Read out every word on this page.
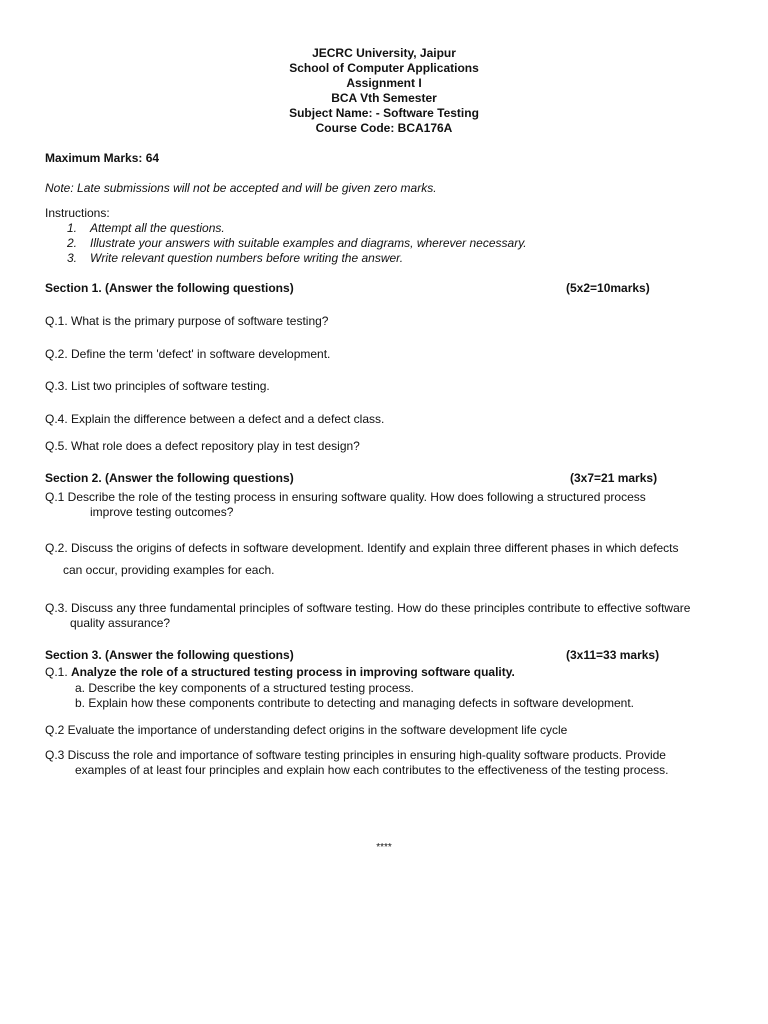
JECRC University, Jaipur
School of Computer Applications
Assignment I
BCA Vth Semester
Subject Name: - Software Testing
Course Code: BCA176A
Maximum Marks: 64
Note: Late submissions will not be accepted and will be given zero marks.
Instructions:
1. Attempt all the questions.
2. Illustrate your answers with suitable examples and diagrams, wherever necessary.
3. Write relevant question numbers before writing the answer.
Section 1. (Answer the following questions)	(5x2=10marks)
Q.1. What is the primary purpose of software testing?
Q.2. Define the term 'defect' in software development.
Q.3. List two principles of software testing.
Q.4. Explain the difference between a defect and a defect class.
Q.5. What role does a defect repository play in test design?
Section 2. (Answer the following questions)	(3x7=21 marks)
Q.1 Describe the role of the testing process in ensuring software quality. How does following a structured process
improve testing outcomes?
Q.2. Discuss the origins of defects in software development. Identify and explain three different phases in which defects
can occur, providing examples for each.
Q.3. Discuss any three fundamental principles of software testing. How do these principles contribute to effective software
quality assurance?
Section 3. (Answer the following questions)	(3x11=33 marks)
Q.1. Analyze the role of a structured testing process in improving software quality.
a. Describe the key components of a structured testing process.
b. Explain how these components contribute to detecting and managing defects in software development.
Q.2 Evaluate the importance of understanding defect origins in the software development life cycle
Q.3 Discuss the role and importance of software testing principles in ensuring high-quality software products. Provide
examples of at least four principles and explain how each contributes to the effectiveness of the testing process.
****
